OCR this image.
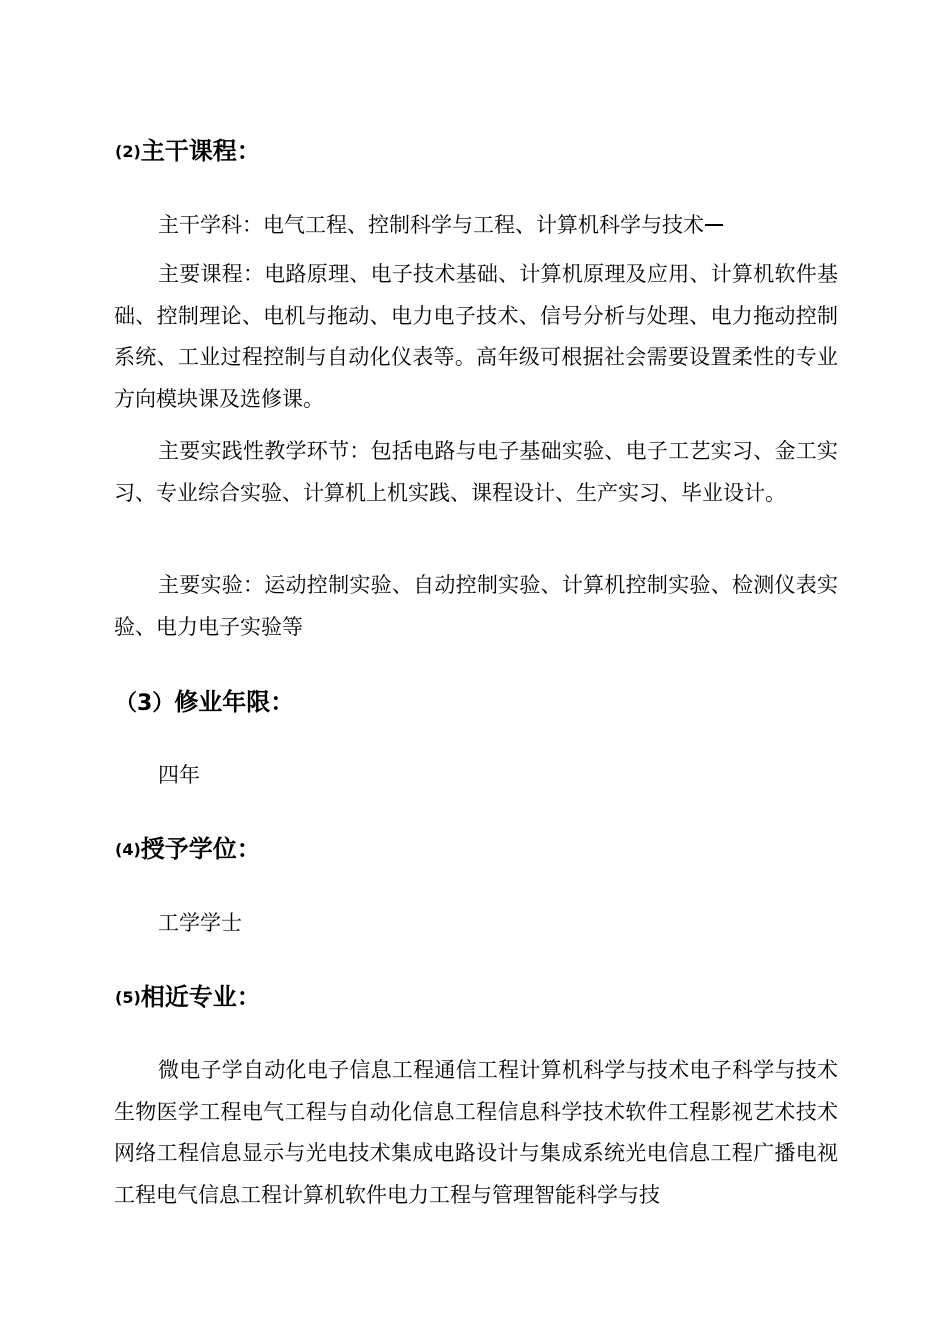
(2)主干课程：
主干学科：电气工程、控制科学与工程、计算机科学与技术
主要课程：电路原理、电子技术基础、计算机原理及应用、计算机软件基础、控制理论、电机与拖动、电力电子技术、信号分析与处理、电力拖动控制系统、工业过程控制与自动化仪表等。高年级可根据社会需要设置柔性的专业方向模块课及选修课。
主要实践性教学环节：包括电路与电子基础实验、电子工艺实习、金工实习、专业综合实验、计算机上机实践、课程设计、生产实习、毕业设计。
主要实验：运动控制实验、自动控制实验、计算机控制实验、检测仪表实验、电力电子实验等
（3）修业年限：
四年
(4)授予学位：
工学学士
(5)相近专业：
微电子学自动化电子信息工程通信工程计算机科学与技术电子科学与技术生物医学工程电气工程与自动化信息工程信息科学技术软件工程影视艺术技术网络工程信息显示与光电技术集成电路设计与集成系统光电信息工程广播电视工程电气信息工程计算机软件电力工程与管理智能科学与技
